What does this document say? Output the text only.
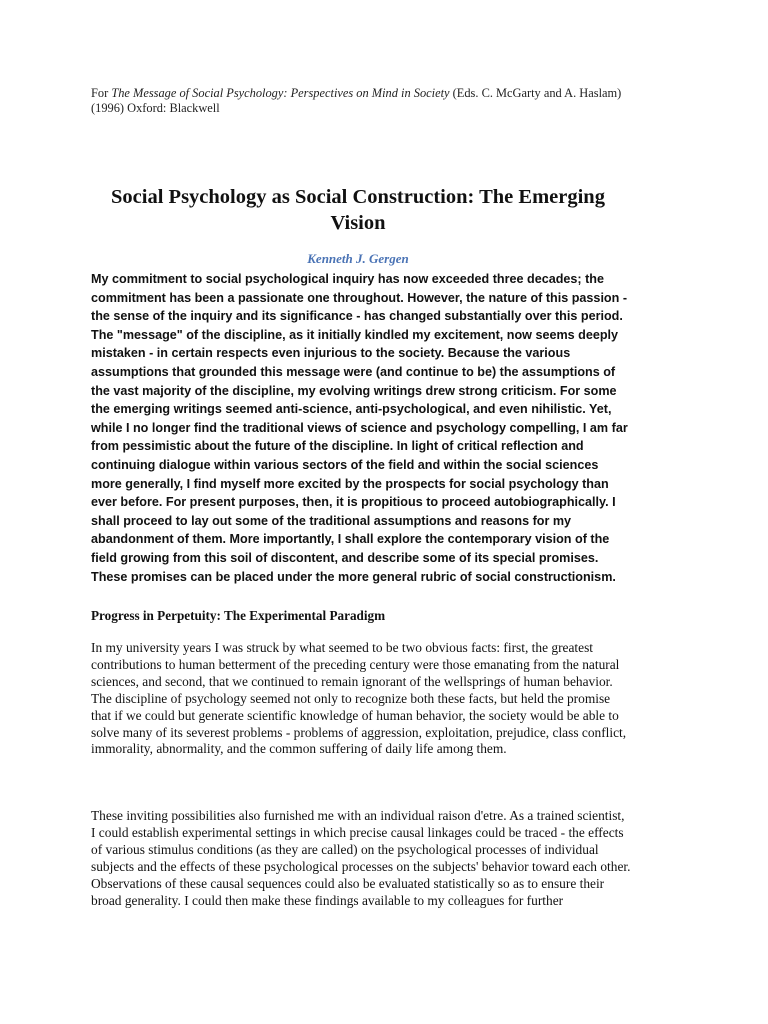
For The Message of Social Psychology: Perspectives on Mind in Society (Eds. C. McGarty and A. Haslam) (1996) Oxford: Blackwell
Social Psychology as Social Construction: The Emerging Vision
Kenneth J. Gergen

My commitment to social psychological inquiry has now exceeded three decades; the commitment has been a passionate one throughout. However, the nature of this passion - the sense of the inquiry and its significance - has changed substantially over this period. The "message" of the discipline, as it initially kindled my excitement, now seems deeply mistaken - in certain respects even injurious to the society. Because the various assumptions that grounded this message were (and continue to be) the assumptions of the vast majority of the discipline, my evolving writings drew strong criticism. For some the emerging writings seemed anti-science, anti-psychological, and even nihilistic. Yet, while I no longer find the traditional views of science and psychology compelling, I am far from pessimistic about the future of the discipline. In light of critical reflection and continuing dialogue within various sectors of the field and within the social sciences more generally, I find myself more excited by the prospects for social psychology than ever before. For present purposes, then, it is propitious to proceed autobiographically. I shall proceed to lay out some of the traditional assumptions and reasons for my abandonment of them. More importantly, I shall explore the contemporary vision of the field growing from this soil of discontent, and describe some of its special promises. These promises can be placed under the more general rubric of social constructionism.

Progress in Perpetuity: The Experimental Paradigm

In my university years I was struck by what seemed to be two obvious facts: first, the greatest contributions to human betterment of the preceding century were those emanating from the natural sciences, and second, that we continued to remain ignorant of the wellsprings of human behavior. The discipline of psychology seemed not only to recognize both these facts, but held the promise that if we could but generate scientific knowledge of human behavior, the society would be able to solve many of its severest problems - problems of aggression, exploitation, prejudice, class conflict, immorality, abnormality, and the common suffering of daily life among them.

These inviting possibilities also furnished me with an individual raison d'etre. As a trained scientist, I could establish experimental settings in which precise causal linkages could be traced - the effects of various stimulus conditions (as they are called) on the psychological processes of individual subjects and the effects of these psychological processes on the subjects' behavior toward each other. Observations of these causal sequences could also be evaluated statistically so as to ensure their broad generality. I could then make these findings available to my colleagues for further
